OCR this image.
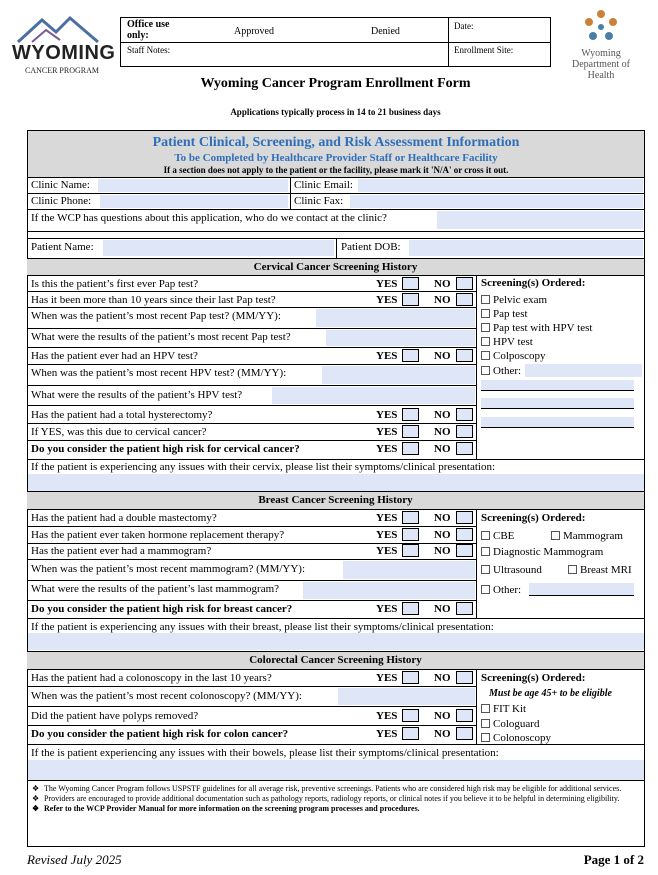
WYOMING
CANCER PROGRAM
Office use only:	Approved	Denied	Date:
Staff Notes:	Enrollment Site:	Wyoming Department of Health
Wyoming Cancer Program Enrollment Form
Applications typically process in 14 to 21 business days
Patient Clinical, Screening, and Risk Assessment Information
To be Completed by Healthcare Provider Staff or Healthcare Facility
If a section does not apply to the patient or the facility, please mark it 'N/A' or cross it out.
Clinic Name:	Clinic Email:
Clinic Phone:	Clinic Fax:
If the WCP has questions about this application, who do we contact at the clinic?
Patient Name:	Patient DOB:
Cervical Cancer Screening History
Screening(s) Ordered:
Is this the patient’s first ever Pap test?	YES	NO
Has it been more than 10 years since their last Pap test?	YES	NO
When was the patient’s most recent Pap test? (MM/YY):
What were the results of the patient’s most recent Pap test?
Has the patient ever had an HPV test?	YES	NO
When was the patient’s most recent HPV test? (MM/YY):
What were the results of the patient’s HPV test?
Has the patient had a total hysterectomy?	YES	NO
If YES, was this due to cervical cancer?	YES	NO
Do you consider the patient high risk for cervical cancer?	YES	NO
Pelvic exam
Pap test
Pap test with HPV test
HPV test
Colposcopy
Other:
If the patient is experiencing any issues with their cervix, please list their symptoms/clinical presentation:
Breast Cancer Screening History
Screening(s) Ordered:
Has the patient had a double mastectomy?	YES	NO
Has the patient ever taken hormone replacement therapy?	YES	NO
Has the patient ever had a mammogram?	YES	NO
When was the patient’s most recent mammogram? (MM/YY):
What were the results of the patient’s last mammogram?
Do you consider the patient high risk for breast cancer?	YES	NO
CBE	Mammogram
Diagnostic Mammogram
Ultrasound	Breast MRI
Other:
If the patient is experiencing any issues with their breast, please list their symptoms/clinical presentation:
Colorectal Cancer Screening History
Screening(s) Ordered:
Must be age 45+ to be eligible
Has the patient had a colonoscopy in the last 10 years?	YES	NO
When was the patient’s most recent colonoscopy? (MM/YY):
Did the patient have polyps removed?	YES	NO
Do you consider the patient high risk for colon cancer?	YES	NO
FIT Kit
Cologuard
Colonoscopy
If the is patient experiencing any issues with their bowels, please list their symptoms/clinical presentation:
❖ The Wyoming Cancer Program follows USPSTF guidelines for all average risk, preventive screenings. Patients who are considered high risk may be eligible for additional services.
❖ Providers are encouraged to provide additional documentation such as pathology reports, radiology reports, or clinical notes if you believe it to be helpful in determining eligibility.
❖ Refer to the WCP Provider Manual for more information on the screening program processes and procedures.
Revised July 2025	Page 1 of 2
